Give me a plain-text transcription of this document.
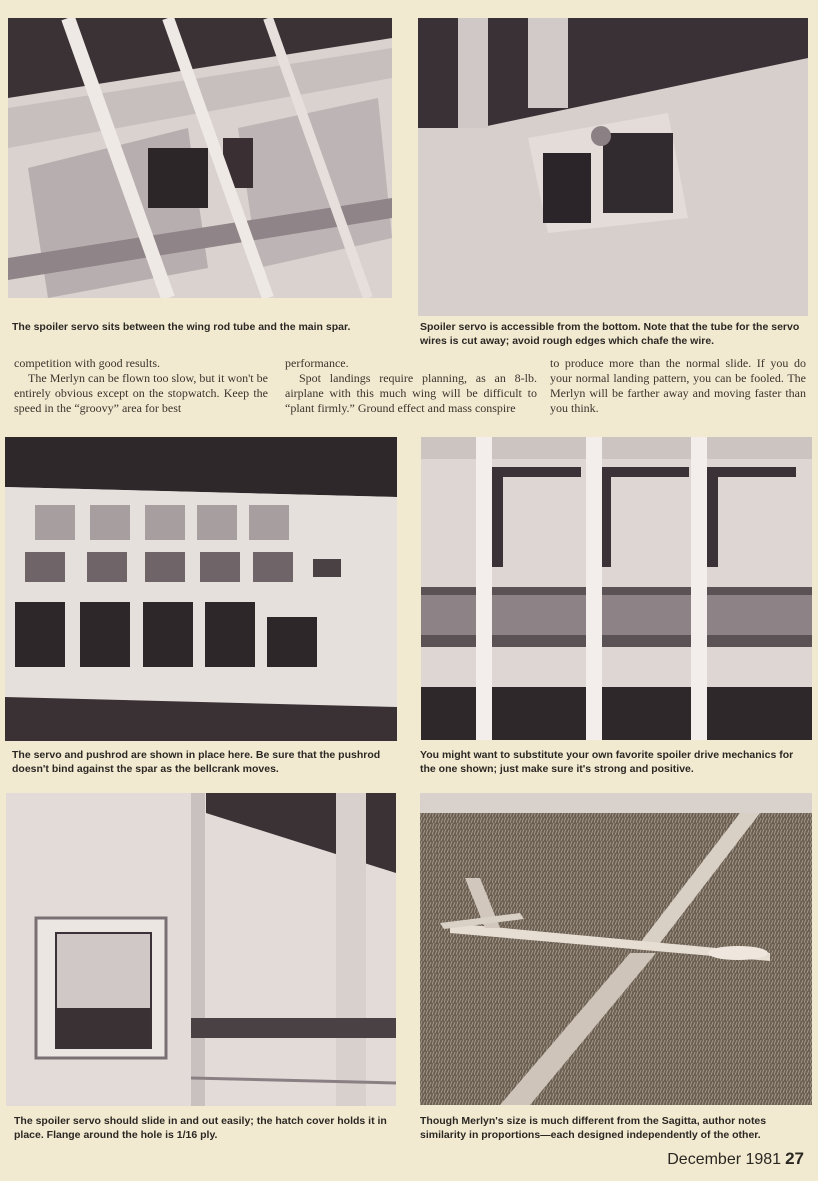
The spoiler servo sits between the wing rod tube and the main spar.	Spoiler servo is accessible from the bottom. Note that the tube for the servo wires is cut away; avoid rough edges which chafe the wire.

competition with good results.

The Merlyn can be flown too slow, but it won't be entirely obvious except on the stopwatch. Keep the speed in the “groovy” area for best

performance.

Spot landings require planning, as an 8-lb. airplane with this much wing will be difficult to “plant firmly.” Ground effect and mass conspire

to produce more than the normal slide. If you do your normal landing pattern, you can be fooled. The Merlyn will be farther away and moving faster than you think.

The servo and pushrod are shown in place here. Be sure that the pushrod doesn't bind against the spar as the bellcrank moves.

You might want to substitute your own favorite spoiler drive mechanics for the one shown; just make sure it's strong and positive.

The spoiler servo should slide in and out easily; the hatch cover holds it in place. Flange around the hole is 1/16 ply.

Though Merlyn's size is much different from the Sagitta, author notes similarity in proportions—each designed independently of the other.

December 1981 27
